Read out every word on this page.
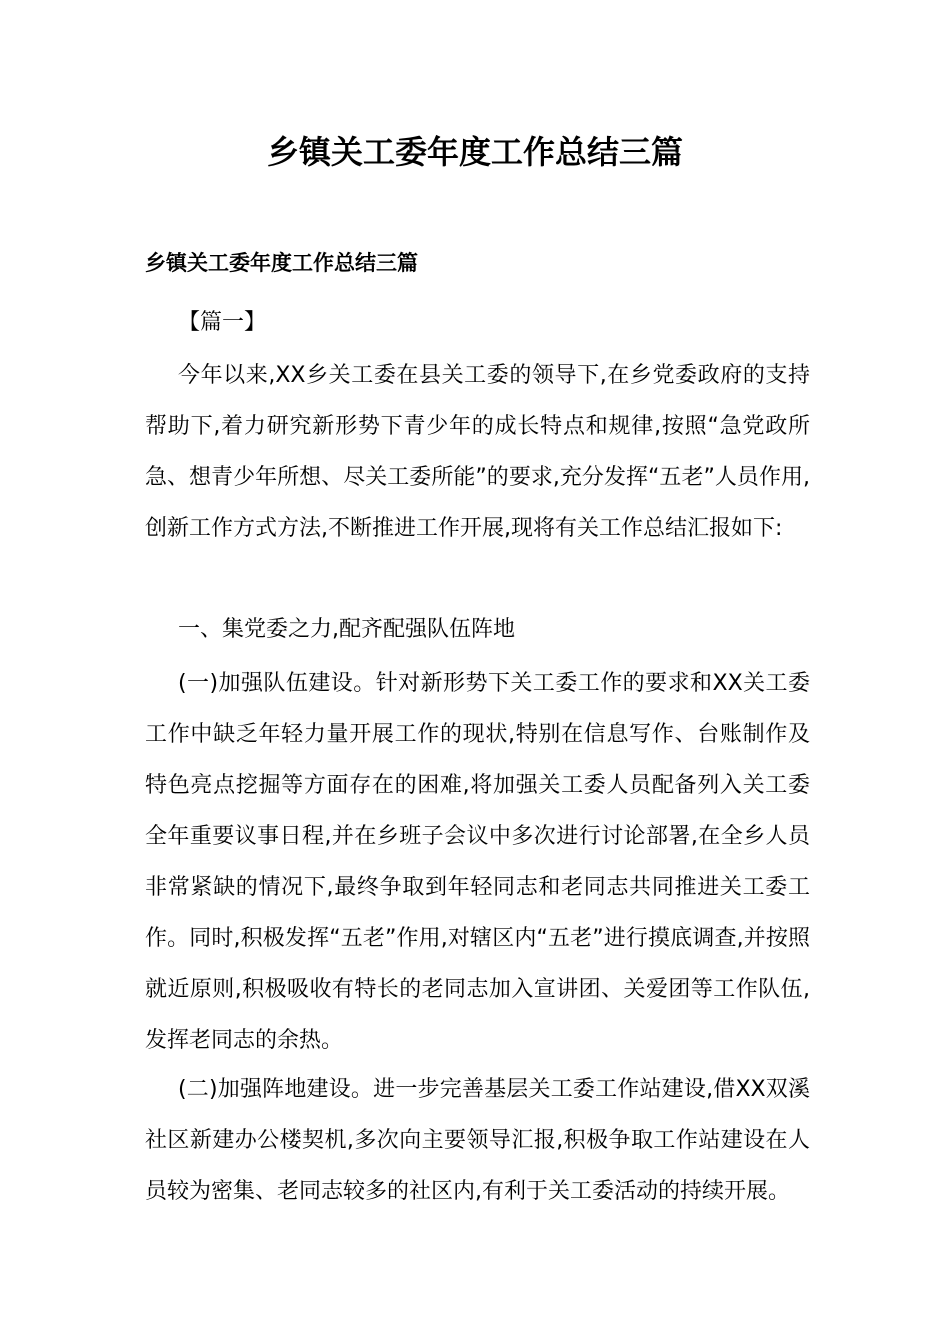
乡镇关工委年度工作总结三篇

乡镇关工委年度工作总结三篇

【篇一】

今年以来,XX乡关工委在县关工委的领导下,在乡党委政府的支持帮助下,着力研究新形势下青少年的成长特点和规律,按照“急党政所急、想青少年所想、尽关工委所能”的要求,充分发挥“五老”人员作用,创新工作方式方法,不断推进工作开展,现将有关工作总结汇报如下:

一、集党委之力,配齐配强队伍阵地

(一)加强队伍建设。针对新形势下关工委工作的要求和XX关工委工作中缺乏年轻力量开展工作的现状,特别在信息写作、台账制作及特色亮点挖掘等方面存在的困难,将加强关工委人员配备列入关工委全年重要议事日程,并在乡班子会议中多次进行讨论部署,在全乡人员非常紧缺的情况下,最终争取到年轻同志和老同志共同推进关工委工作。同时,积极发挥“五老”作用,对辖区内“五老”进行摸底调查,并按照就近原则,积极吸收有特长的老同志加入宣讲团、关爱团等工作队伍,发挥老同志的余热。

(二)加强阵地建设。进一步完善基层关工委工作站建设,借XX双溪社区新建办公楼契机,多次向主要领导汇报,积极争取工作站建设在人员较为密集、老同志较多的社区内,有利于关工委活动的持续开展。
